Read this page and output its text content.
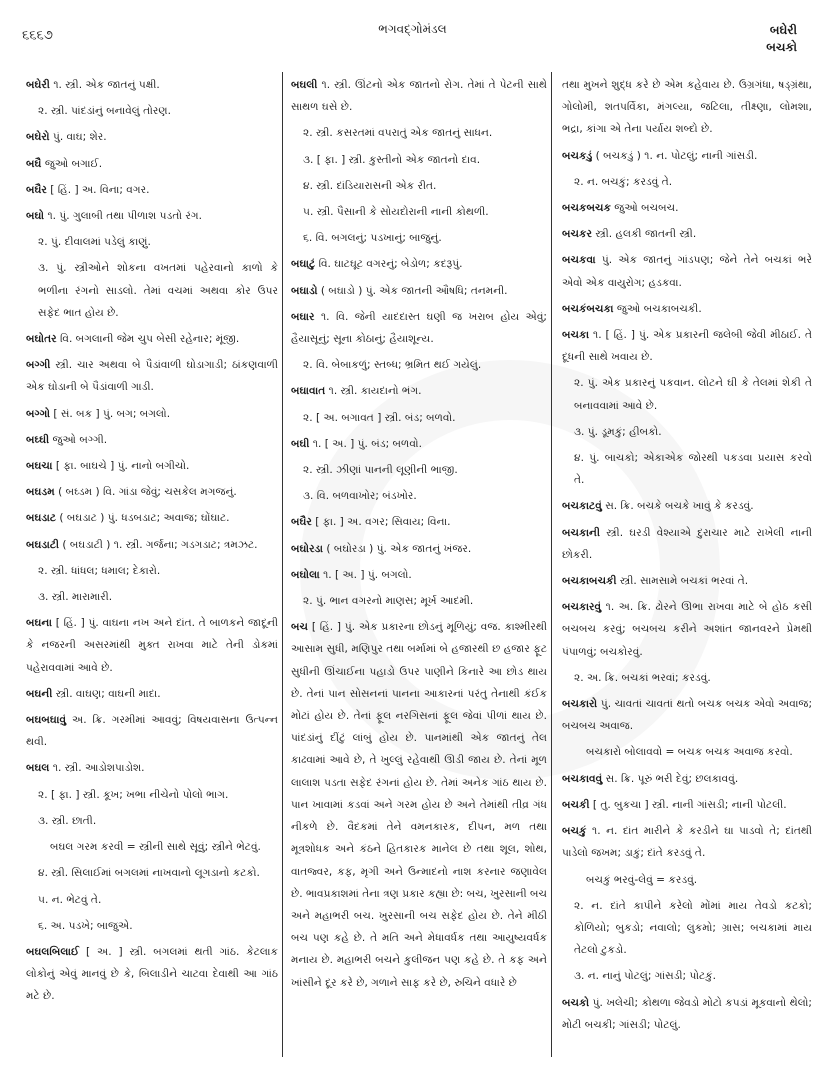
૬૬૬૭	ભગવદ્ગોમંડલ	બઘેરી
બચકો
બઘેરી ૧. સ્ત્રી. એક જાતનું પક્ષી.
૨. સ્ત્રી. પાંદડાંનું બનાવેલું તોરણ.
બઘેરો પું. વાઘ; શેર.
બઘૈ જુઓ બગાઈ.
બઘૈર [ હિં. ] અ. વિના; વગર.
બઘો ૧. પું. ગુલાબી તથા પીળાશ પડતો રંગ.
૨. પું. દીવાલમાં પડેલું કાણું.
૩. પું. સ્ત્રીઓને શોકના વખતમાં પહેરવાનો કાળો કે ભળીના રંગનો સાડલો. તેમાં વચમાં અથવા કોર ઉપર સફેદ ભાત હોય છે.
બઘોતર વિ. બગલાની જેમ ચુપ બેસી રહેનાર; મૂંજી.
બગ્ગી સ્ત્રી. ચાર અથવા બે પૈડાંવાળી ઘોડાગાડી; ઠાંકણવાળી એક ઘોડાની બે પૈડાંવાળી ગાડી.
બગ્ગો [ સં. બક ] પું. બગ; બગલો.
બઘ્ઘી જુઓ બગ્ગી.
બઘચા [ ફા. બાઘચે ] પું. નાનો બગીચો.
બઘડમ ( બઘ્ડમ ) વિ. ગાંડા જેવું; ચસકેલ મગજનું.
બઘડાટ ( બઘડાટ ) પું. ધડબડાટ; અવાજ; ઘોંઘાટ.
બઘડાટી ( બઘડાટી ) ૧. સ્ત્રી. ગર્જના; ગડગડાટ; ત્રમઝટ.
૨. સ્ત્રી. ધાંધલ; ધમાલ; દેકારો.
૩. સ્ત્રી. મારામારી.
બઘના [ હિં. ] પું. વાઘના નખ અને દાંત. તે બાળકને જાદૂની કે નજરની અસરમાંથી મુક્ત રાખવા માટે તેની ડોકમાં પહેરાવવામાં આવે છે.
બઘની સ્ત્રી. વાઘણ; વાઘની માદા.
બઘબઘાવું અ. ક્રિ. ગરમીમાં આવવું; વિષયવાસના ઉત્પન્ન થવી.
બઘલ ૧. સ્ત્રી. આડોશપાડોશ.
૨. [ ફા. ] સ્ત્રી. કૂખ; ખભા નીચેનો પોલો ભાગ.
૩. સ્ત્રી. છાતી.
બઘલ ગરમ કરવી = સ્ત્રીની સાથે સૂવું; સ્ત્રીને ભેટવું.
૪. સ્ત્રી. સિલાઈમાં બગલમાં નાખવાનો લૂગડાનો કટકો.
૫. ન. ભેટવું તે.
૬. અ. પડખે; બાજુએ.
બઘલબિલાઈ [ અ. ] સ્ત્રી. બગલમાં થતી ગાંઠ. કેટલાક લોકોનું એવું માનવું છે કે, બિલાડીને ચાટવા દેવાથી આ ગાંઠ મટે છે.
બઘલી ૧. સ્ત્રી. ઊંટનો એક જાતનો રોગ. તેમાં તે પેટની સાથે સાથળ ઘસે છે.
૨. સ્ત્રી. કસરતમાં વપરાતું એક જાતનું સાધન.
૩. [ ફા. ] સ્ત્રી. કુસ્તીનો એક જાતનો દાવ.
૪. સ્ત્રી. દાંડિયારાસની એક રીત.
૫. સ્ત્રી. પૈસાની કે સોયદોરાની નાની કોથળી.
૬. વિ. બગલનું; પડખાનું; બાજુનું.
બઘાટું વિ. ઘાટઘૂટ વગરનું; બેડોળ; કદરૂપું.
બઘાડો ( બઘાડો ) પું. એક જાતની ઔષધિ; તનમની.
બઘાર ૧. વિ. જેની યાદદાસ્ત ઘણી જ ખરાબ હોય એવું; હૈયાસૂનું; સૂના કોઠાનું; હૈયાશૂન્ય.
૨. વિ. બેબાકળું; સ્તબ્ધ; ભ્રમિત થઈ ગયેલું.
બઘાવાત ૧. સ્ત્રી. કાયદાનો ભંગ.
૨. [ અ. બગાવત ] સ્ત્રી. બંડ; બળવો.
બઘી ૧. [ અ. ] પું. બંડ; બળવો.
૨. સ્ત્રી. ઝીણાં પાનની લૂણીની ભાજી.
૩. વિ. બળવાખોર; બંડખોર.
બઘૈર [ ફા. ] અ. વગર; સિવાય; વિના.
બઘોરડા ( બઘોરડા ) પું. એક જાતનું ખંજર.
બઘોલા ૧. [ અ. ] પું. બગલો.
૨. પું. ભાન વગરનો માણસ; મૂર્ખ આદમી.
બચ [ હિં. ] પું. એક પ્રકારના છોડનું મૂળિયું; વજ. કાશ્મીરથી આસામ સુધી, મણિપુર તથા બર્મામાં બે હજારથી છ હજાર ફૂટ સુધીની ઊંચાઈના પહાડો ઉપર પાણીને કિનારે આ છોડ થાય છે. તેનાં પાન સોસનનાં પાનના આકારનાં પરંતુ તેનાથી કંઈક મોટાં હોય છે. તેનાં ફૂલ નરગિસનાં ફૂલ જેવાં પીળાં થાય છે. પાંદડાંનું દીંટું લાંબું હોય છે. પાનમાંથી એક જાતનું તેલ કાઢવામાં આવે છે, તે ખુલ્લું રહેવાથી ઊડી જાય છે. તેનાં મૂળ લાલાશ પડતા સફેદ રંગનાં હોય છે. તેમાં અનેક ગાંઠ થાય છે. પાન ખાવામાં કડવાં અને ગરમ હોય છે અને તેમાંથી તીવ્ર ગંધ નીકળે છે. વૈદકમાં તેને વમનકારક, દીપન, મળ તથા મૂત્રશોધક અને કંઠને હિતકારક માનેલ છે તથા શૂલ, શોથ, વાતજ્વર, કફ, મૃગી અને ઉન્માદનો નાશ કરનાર જણાવેલ છે. ભાવપ્રકાશમાં તેના ત્રણ પ્રકાર કહ્યા છે: બચ, ખુરસાની બચ અને મહાભરી બચ. ખુરસાની બચ સફેદ હોય છે. તેને મીઠી બચ પણ કહે છે. તે મતિ અને મેધાવર્ધક તથા આયુષ્યવર્ધક મનાય છે. મહાભરી બચને કુલીજન પણ કહે છે. તે કફ અને ખાંસીને દૂર કરે છે, ગળાને સાફ કરે છે, રુચિને વધારે છે
તથા મુખને શુદ્ધ કરે છે એમ કહેવાય છે. ઉગ્રગંધા, ષડ્ગ્રંથા, ગોલોમી, શતપર્વિકા, મંગલ્યા, જટિલા, તીક્ષ્ણા, લોમશા, ભદ્રા, કાંગા એ તેના પર્યાય શબ્દો છે.
બચકડું ( બચકડું ) ૧. ન. પોટલું; નાની ગાંસડી.
૨. ન. બચકું; કરડવું તે.
બચકબચક જુઓ બચબચ.
બચકર સ્ત્રી. હલકી જાતની સ્ત્રી.
બચકવા પું. એક જાતનું ગાંડપણ; જેને તેને બચકાં ભરે એવો એક વાયુરોગ; હડકવા.
બચકંબચકા જુઓ બચકાબચકી.
બચકા ૧. [ હિં. ] પું. એક પ્રકારની જલેબી જેવી મીઠાઈ. તે દૂધની સાથે ખવાય છે.
૨. પું. એક પ્રકારનું પકવાન. લોટને ઘી કે તેલમાં શેકી તે બનાવવામાં આવે છે.
૩. પું. ડૂમકું; હીબકો.
૪. પું. બાચકો; એકાએક જોરથી પકડવા પ્રયાસ કરવો તે.
બચકાટવું સ. ક્રિ. બચકે બચકે ખાવું કે કરડવું.
બચકાની સ્ત્રી. ઘરડી વેશ્યાએ દુરાચાર માટે રાખેલી નાની છોકરી.
બચકાબચકી સ્ત્રી. સામસામે બચકાં ભરવાં તે.
બચકારવું ૧. અ. ક્રિ. ઢોરને ઊભા રાખવા માટે બે હોઠ કસી બચબચ કરવું; બચબચ કરીને અશાંત જાનવરને પ્રેમથી પંપાળવું; બચકોરવું.
૨. અ. ક્રિ. બચકાં ભરવાં; કરડવું.
બચકારો પું. ચાવતાં ચાવતાં થતો બચક બચક એવો અવાજ; બચબચ અવાજ.
બચકારો બોલાવવો = બચક બચક અવાજ કરવો.
બચકાવવું સ. ક્રિ. પૂરું ભરી દેવું; છલકાવવું.
બચકી [ તુ. બુકચા ] સ્ત્રી. નાની ગાંસડી; નાની પોટલી.
બચકું ૧. ન. દાંત મારીને કે કરડીને ઘા પાડવો તે; દાંતથી પાડેલો જખમ; ડાકું; દાંતે કરડવું તે.
બચકું ભરવું-લેવું = કરડવું.
૨. ન. દાંતે કાપીને કરેલો મોંમાં માય તેવડો કટકો; કોળિયો; બુકડો; નવાલો; લુકમો; ગ્રાસ; બચકામાં માય તેટલો ટુકડો.
૩. ન. નાનું પોટલું; ગાંસડી; પોટકું.
બચકો પું. ખલેચી; કોથળા જેવડો મોટો કપડાં મૂકવાનો થેલો; મોટી બચકી; ગાંસડી; પોટલું.
